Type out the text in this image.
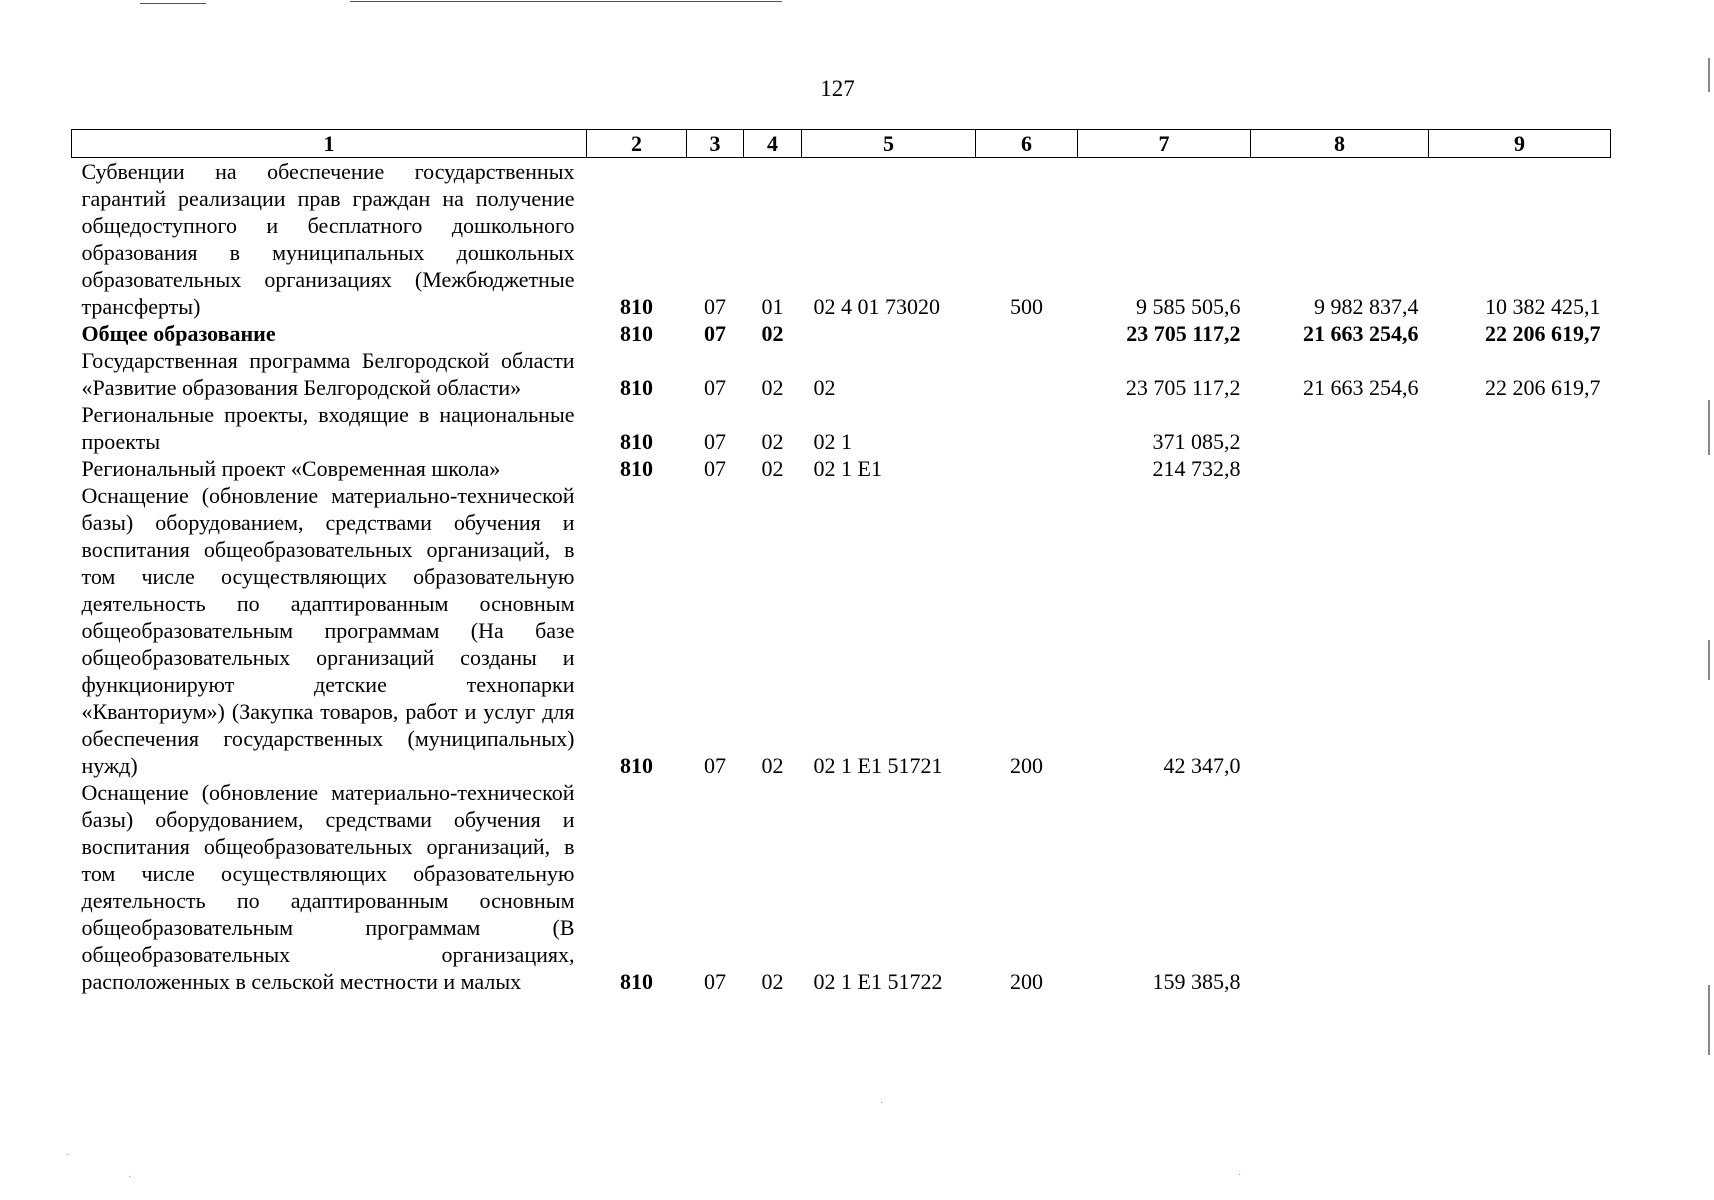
·
·
·
·
127
1	2	3	4	5	6	7	8	9
Субвенции на обеспечение государственных гарантий реализации прав граждан на получение общедоступного и бесплатного дошкольного образования в муниципальных дошкольных образовательных организациях (Межбюджетные трансферты)	810	07	01	02 4 01 73020	500	9 585 505,6	9 982 837,4	10 382 425,1
Общее образование	810	07	02			23 705 117,2	21 663 254,6	22 206 619,7
Государственная программа Белгородской области «Развитие образования Белгородской области»	810	07	02	02		23 705 117,2	21 663 254,6	22 206 619,7
Региональные проекты, входящие в национальные проекты	810	07	02	02 1		371 085,2		
Региональный проект «Современная школа»	810	07	02	02 1 E1		214 732,8		
Оснащение (обновление материально-технической базы) оборудованием, средствами обучения и воспитания общеобразовательных организаций, в том числе осуществляющих образовательную деятельность по адаптированным основным общеобразовательным программам (На базе общеобразовательных организаций созданы и функционируют детские технопарки «Кванториум») (Закупка товаров, работ и услуг для обеспечения государственных (муниципальных) нужд)	810	07	02	02 1 E1 51721	200	42 347,0		
Оснащение (обновление материально-технической базы) оборудованием, средствами обучения и воспитания общеобразовательных организаций, в том числе осуществляющих образовательную деятельность по адаптированным основным общеобразовательным программам (В общеобразовательных организациях, расположенных в сельской местности и малых	810	07	02	02 1 E1 51722	200	159 385,8		
